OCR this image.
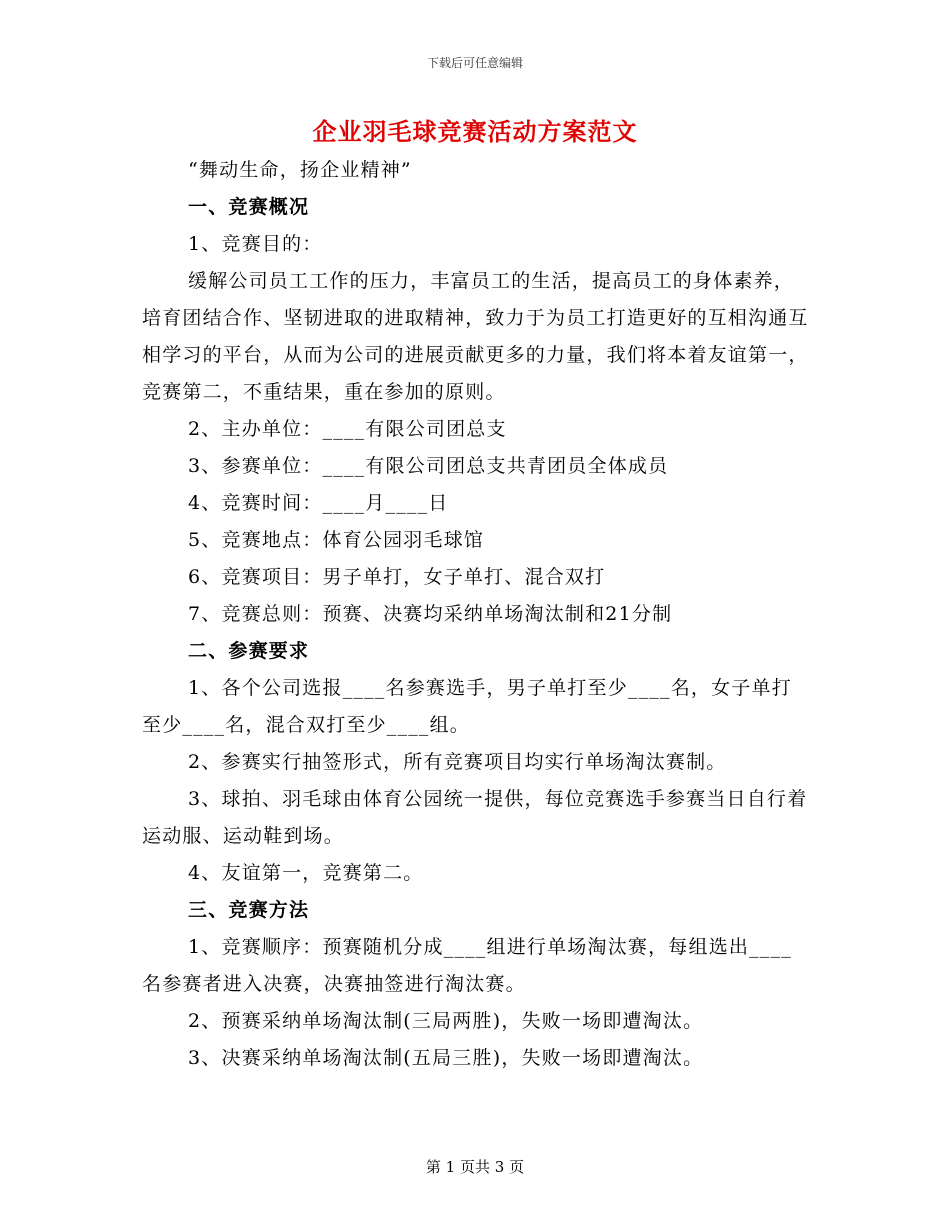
下载后可任意编辑
企业羽毛球竞赛活动方案范文

“舞动生命，扬企业精神”

一、竞赛概况

1、竞赛目的：

缓解公司员工工作的压力，丰富员工的生活，提高员工的身体素养，培育团结合作、坚韧进取的进取精神，致力于为员工打造更好的互相沟通互相学习的平台，从而为公司的进展贡献更多的力量，我们将本着友谊第一，竞赛第二，不重结果，重在参加的原则。

2、主办单位：____有限公司团总支

3、参赛单位：____有限公司团总支共青团员全体成员

4、竞赛时间：____月____日

5、竞赛地点：体育公园羽毛球馆

6、竞赛项目：男子单打，女子单打、混合双打

7、竞赛总则：预赛、决赛均采纳单场淘汰制和21分制

二、参赛要求

1、各个公司选报____名参赛选手，男子单打至少____名，女子单打至少____名，混合双打至少____组。

2、参赛实行抽签形式，所有竞赛项目均实行单场淘汰赛制。

3、球拍、羽毛球由体育公园统一提供，每位竞赛选手参赛当日自行着运动服、运动鞋到场。

4、友谊第一，竞赛第二。

三、竞赛方法

1、竞赛顺序：预赛随机分成____组进行单场淘汰赛，每组选出____名参赛者进入决赛，决赛抽签进行淘汰赛。

2、预赛采纳单场淘汰制(三局两胜)，失败一场即遭淘汰。

3、决赛采纳单场淘汰制(五局三胜)，失败一场即遭淘汰。

第 1 页共 3 页
